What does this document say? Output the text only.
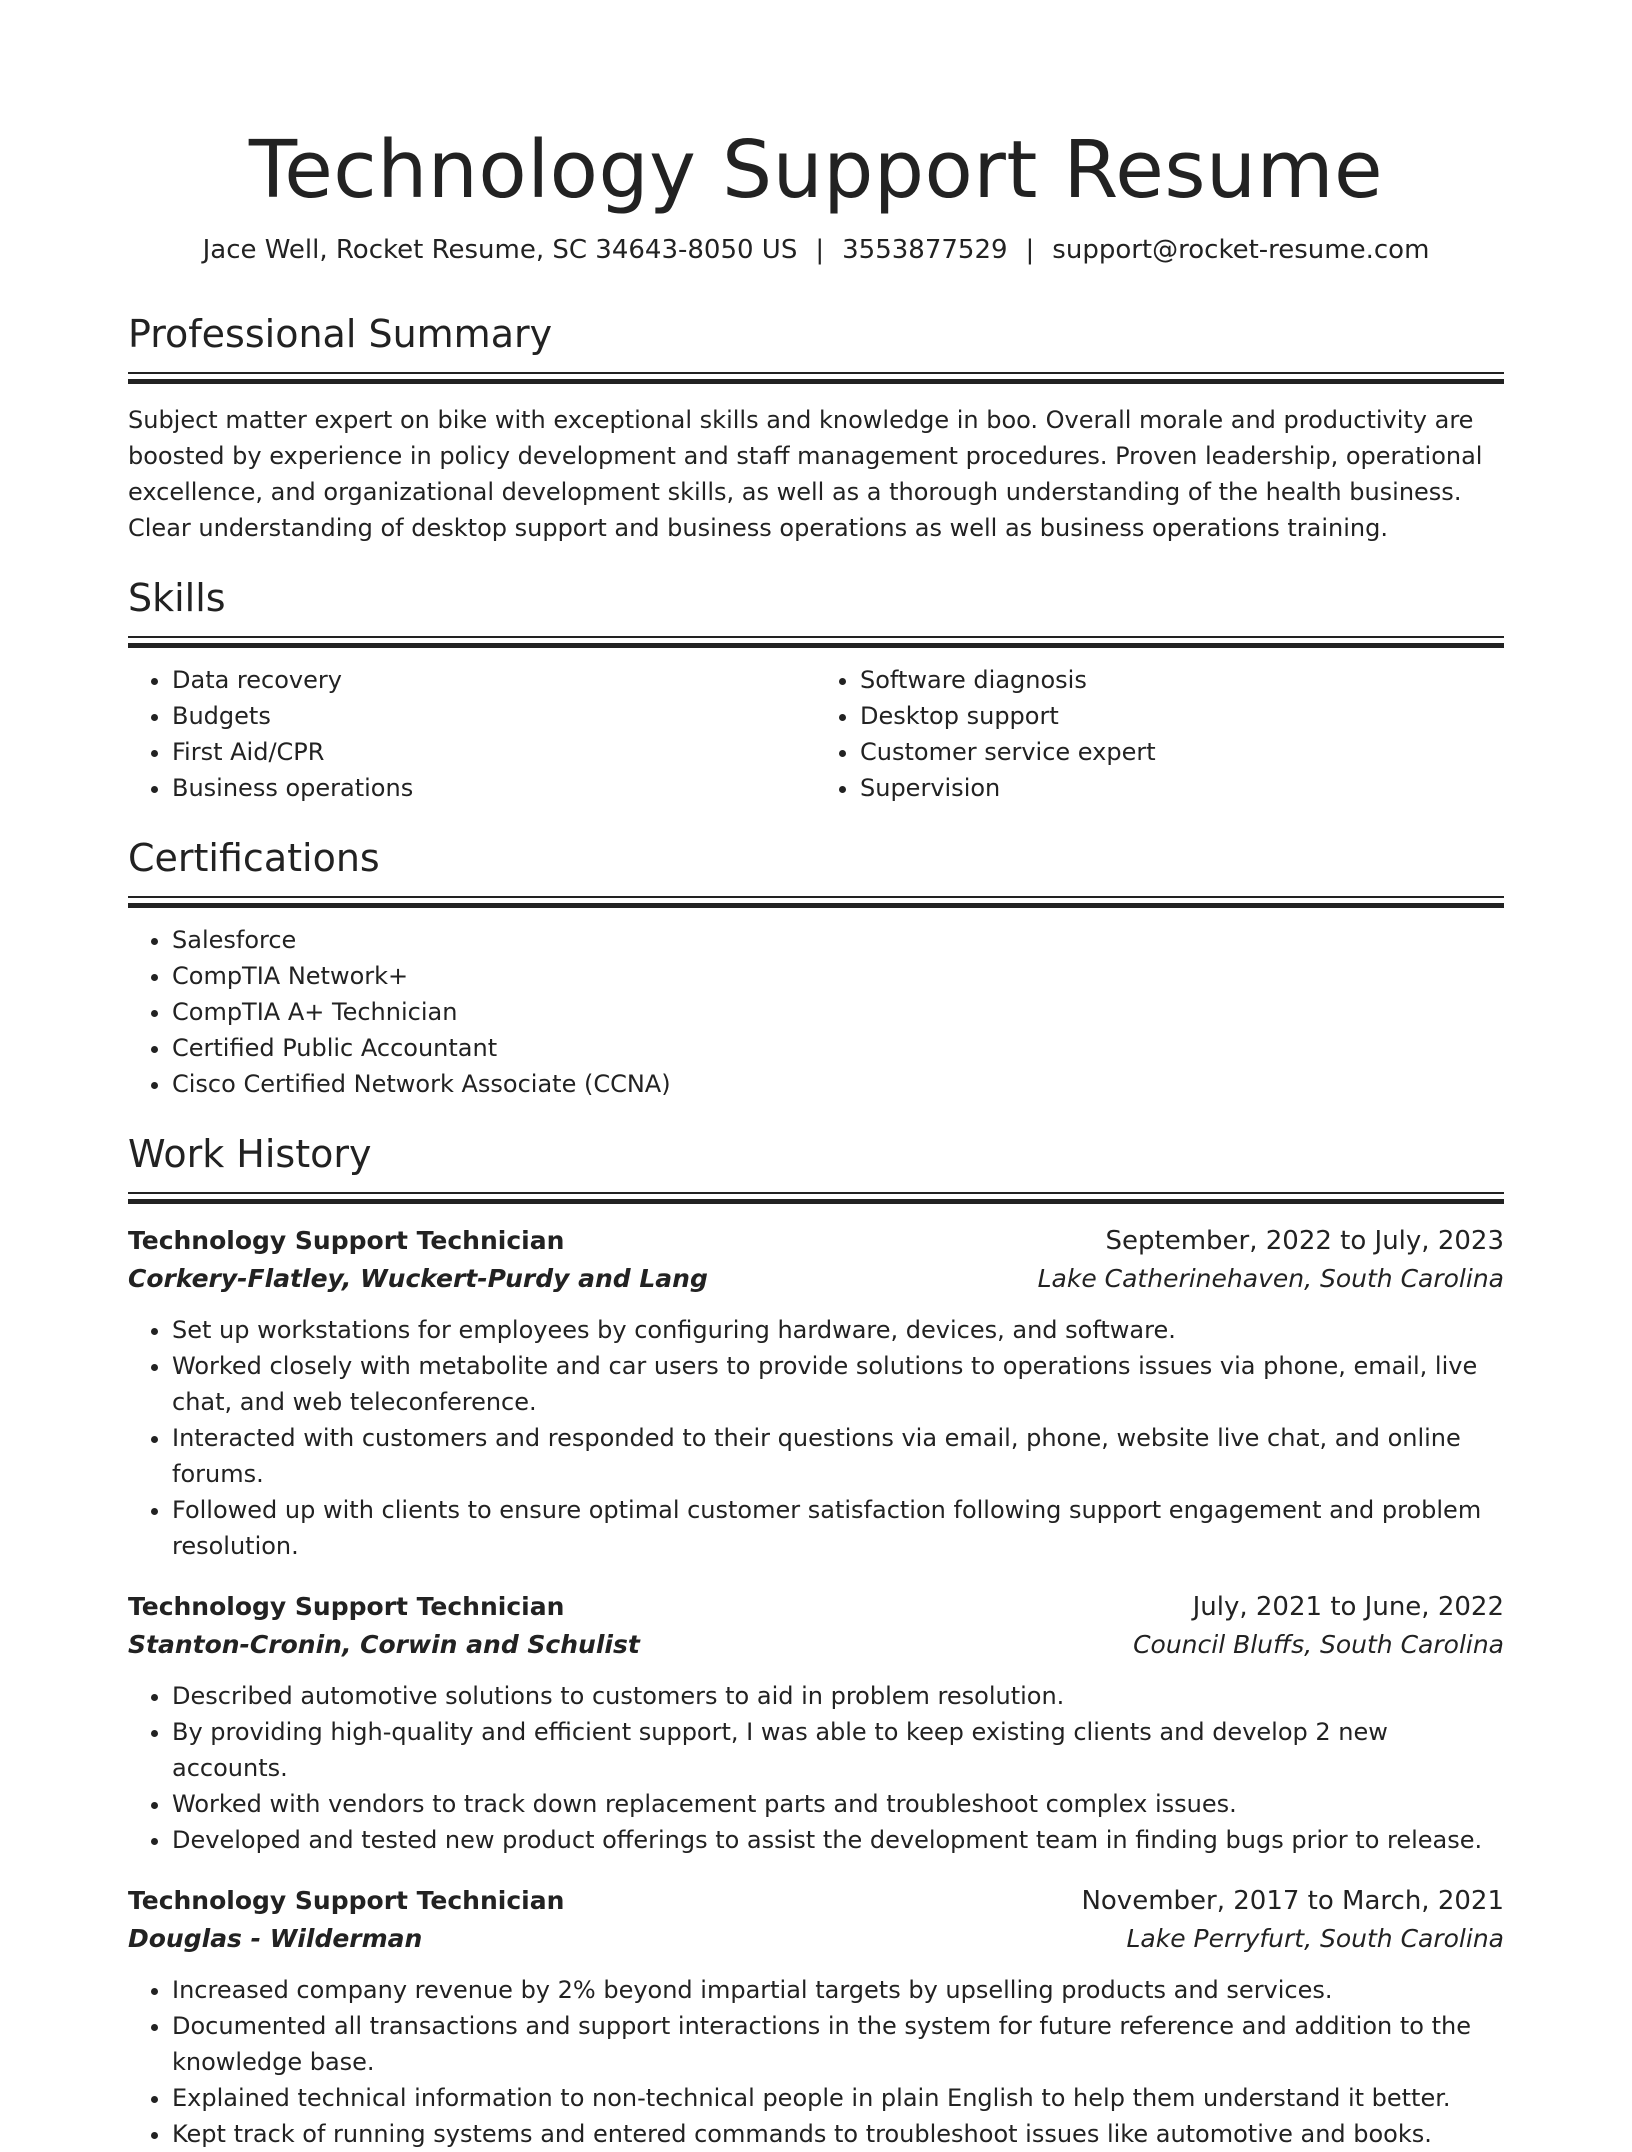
Technology Support Resume
Jace Well, Rocket Resume, SC 34643-8050 US | 3553877529 | support@rocket-resume.com
Professional Summary

Subject matter expert on bike with exceptional skills and knowledge in boo. Overall morale and productivity are boosted by experience in policy development and staff management procedures. Proven leadership, operational excellence, and organizational development skills, as well as a thorough understanding of the health business. Clear understanding of desktop support and business operations as well as business operations training.

Skills
• Data recovery
• Budgets
• First Aid/CPR
• Business operations
• Software diagnosis
• Desktop support
• Customer service expert
• Supervision
Certifications
• Salesforce
• CompTIA Network+
• CompTIA A+ Technician
• Certified Public Accountant
• Cisco Certified Network Associate (CCNA)
Work History
Technology Support Technician	September, 2022 to July, 2023
Corkery-Flatley, Wuckert-Purdy and Lang	Lake Catherinehaven, South Carolina
• Set up workstations for employees by configuring hardware, devices, and software.
• Worked closely with metabolite and car users to provide solutions to operations issues via phone, email, live chat, and web teleconference.
• Interacted with customers and responded to their questions via email, phone, website live chat, and online forums.
• Followed up with clients to ensure optimal customer satisfaction following support engagement and problem resolution.
Technology Support Technician	July, 2021 to June, 2022
Stanton-Cronin, Corwin and Schulist	Council Bluffs, South Carolina
• Described automotive solutions to customers to aid in problem resolution.
• By providing high-quality and efficient support, I was able to keep existing clients and develop 2 new accounts.
• Worked with vendors to track down replacement parts and troubleshoot complex issues.
• Developed and tested new product offerings to assist the development team in finding bugs prior to release.
Technology Support Technician	November, 2017 to March, 2021
Douglas - Wilderman	Lake Perryfurt, South Carolina
• Increased company revenue by 2% beyond impartial targets by upselling products and services.
• Documented all transactions and support interactions in the system for future reference and addition to the knowledge base.
• Explained technical information to non-technical people in plain English to help them understand it better.
• Kept track of running systems and entered commands to troubleshoot issues like automotive and books.
